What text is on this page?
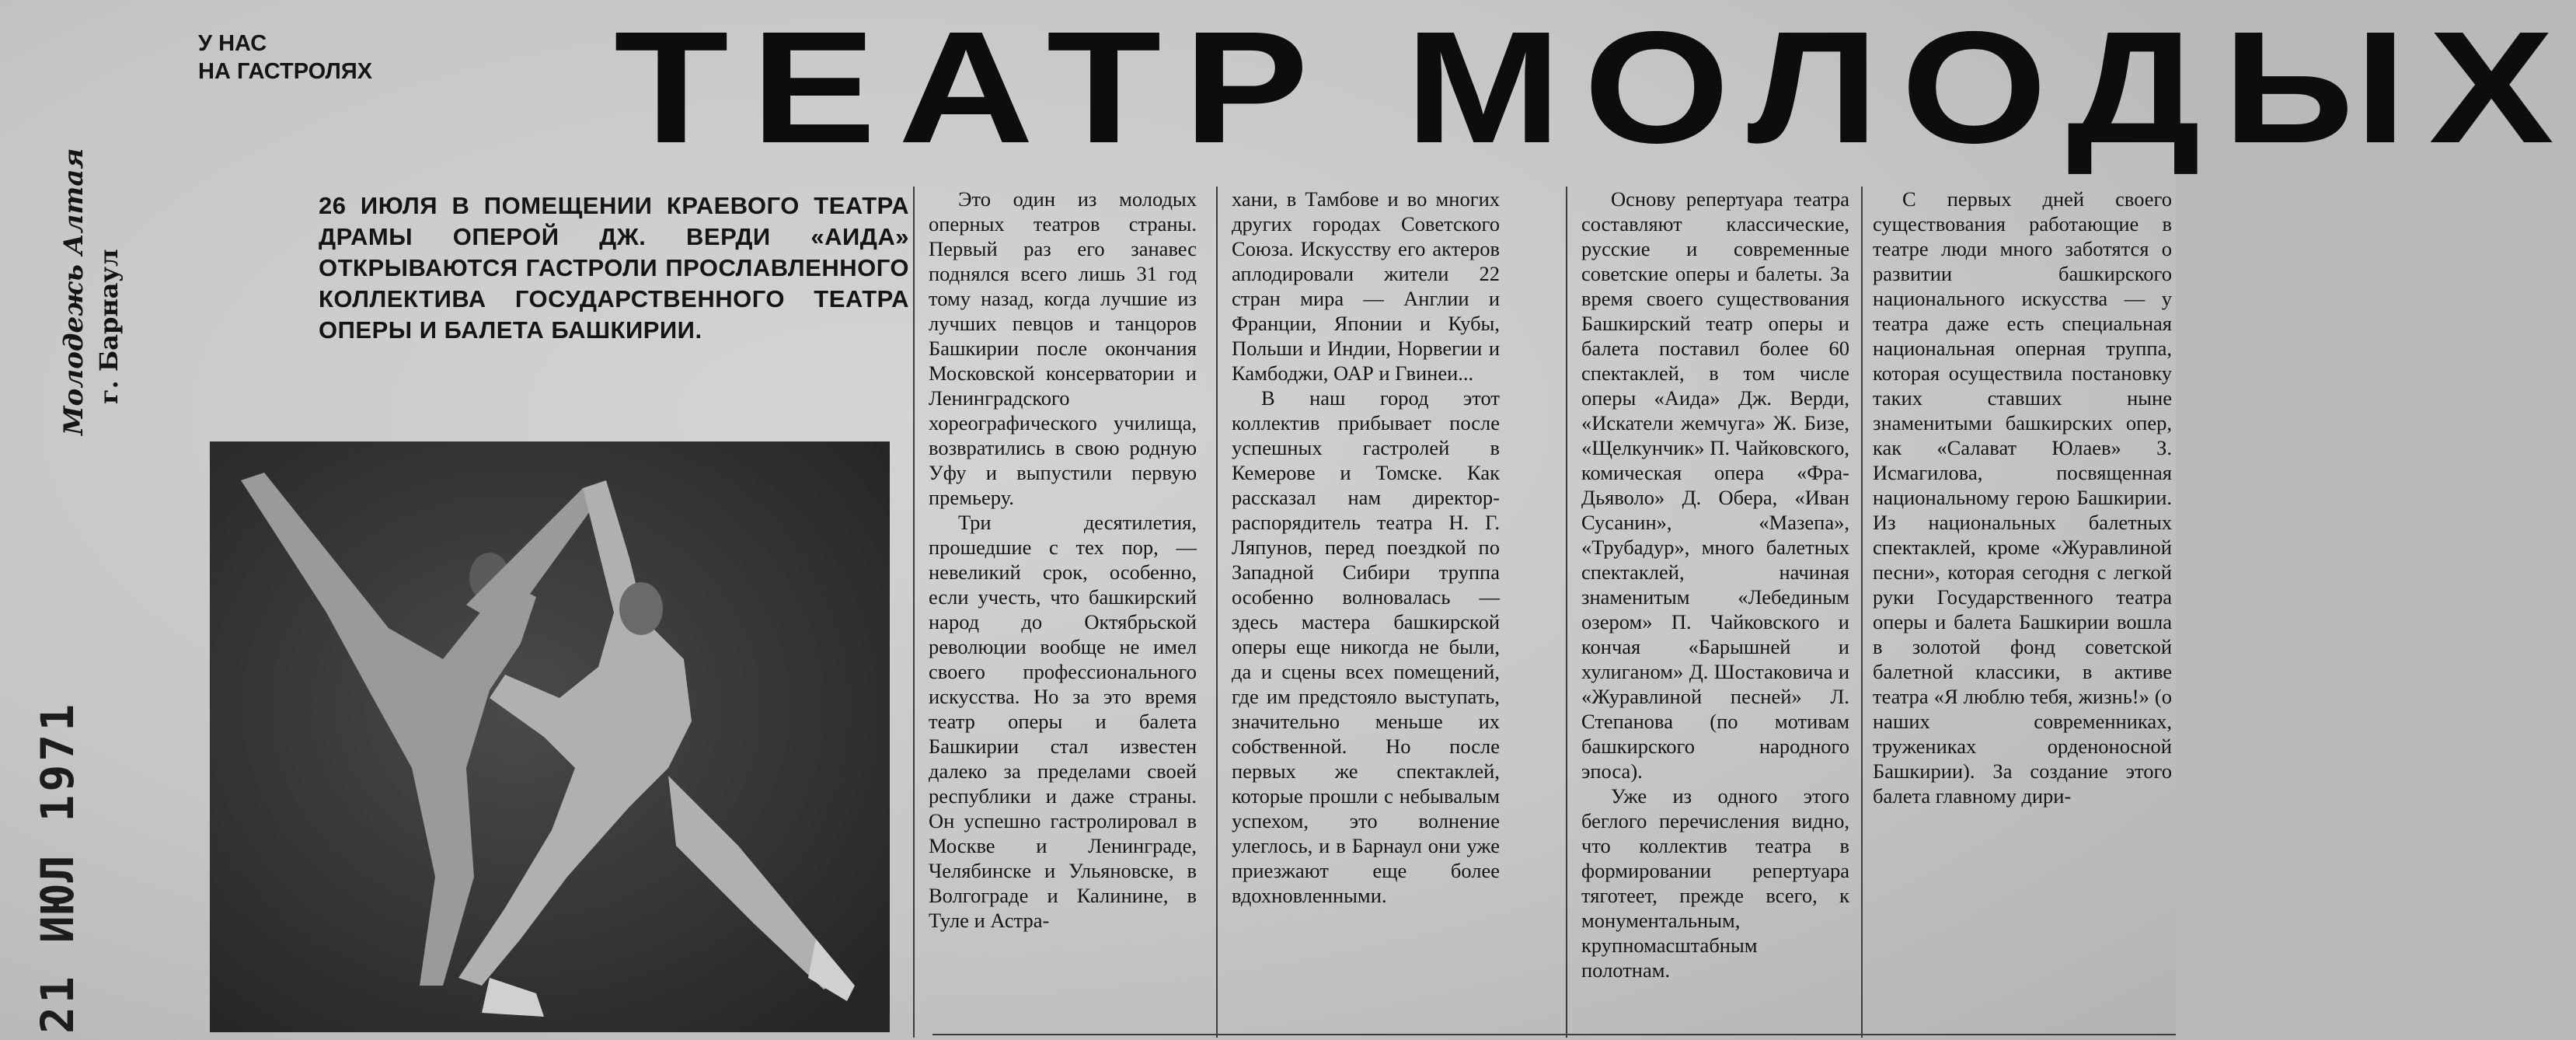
У НАС
НА ГАСТРОЛЯХ ТЕАТР МОЛОДЫХ
Молодежь Алтая г. Барнаул
21 ИЮЛ 1971
26 ИЮЛЯ В ПОМЕЩЕНИИ КРАЕВОГО ТЕАТРА ДРАМЫ ОПЕРОЙ ДЖ. ВЕРДИ «АИДА» ОТКРЫВАЮТСЯ ГАСТРОЛИ ПРОСЛАВЛЕННОГО КОЛЛЕКТИВА ГОСУДАРСТВЕННОГО ТЕАТРА ОПЕРЫ И БАЛЕТА БАШКИРИИ.

Это один из молодых оперных театров страны. Первый раз его занавес поднялся всего лишь 31 год тому назад, когда лучшие из лучших певцов и танцоров Башкирии после окончания Московской консерватории и Ленинградского хореографического училища, возвратились в свою родную Уфу и выпустили первую премьеру.

Три десятилетия, прошедшие с тех пор, — невеликий срок, особенно, если учесть, что башкирский народ до Октябрьской революции вообще не имел своего профессионального искусства. Но за это время театр оперы и балета Башкирии стал известен далеко за пределами своей республики и даже страны. Он успешно гастролировал в Москве и Ленинграде, Челябинске и Ульяновске, в Волгограде и Калинине, в Туле и Астра-

хани, в Тамбове и во многих других городах Советского Союза. Искусству его актеров аплодировали жители 22 стран мира — Англии и Франции, Японии и Кубы, Польши и Индии, Норвегии и Камбоджи, ОАР и Гвинеи...

В наш город этот коллектив прибывает после успешных гастролей в Кемерове и Томске. Как рассказал нам директор-распорядитель театра Н. Г. Ляпунов, перед поездкой по Западной Сибири труппа особенно волновалась — здесь мастера башкирской оперы еще никогда не были, да и сцены всех помещений, где им предстояло выступать, значительно меньше их собственной. Но после первых же спектаклей, которые прошли с небывалым успехом, это волнение улеглось, и в Барнаул они уже приезжают еще более вдохновленными.

Основу репертуара театра составляют классические, русские и современные советские оперы и балеты. За время своего существования Башкирский театр оперы и балета поставил более 60 спектаклей, в том числе оперы «Аида» Дж. Верди, «Искатели жемчуга» Ж. Бизе, «Щелкунчик» П. Чайковского, комическая опера «Фра-Дьяволо» Д. Обера, «Иван Сусанин», «Мазепа», «Трубадур», много балетных спектаклей, начиная знаменитым «Лебединым озером» П. Чайковского и кончая «Барышней и хулиганом» Д. Шостаковича и «Журавлиной песней» Л. Степанова (по мотивам башкирского народного эпоса).

Уже из одного этого беглого перечисления видно, что коллектив театра в формировании репертуара тяготеет, прежде всего, к монументальным, крупномасштабным полотнам.

С первых дней своего существования работающие в театре люди много заботятся о развитии башкирского национального искусства — у театра даже есть специальная национальная оперная труппа, которая осуществила постановку таких ставших ныне знаменитыми башкирских опер, как «Салават Юлаев» З. Исмагилова, посвященная национальному герою Башкирии. Из национальных балетных спектаклей, кроме «Журавлиной песни», которая сегодня с легкой руки Государственного театра оперы и балета Башкирии вошла в золотой фонд советской балетной классики, в активе театра «Я люблю тебя, жизнь!» (о наших современниках, тружениках орденоносной Башкирии). За создание этого балета главному дири-
